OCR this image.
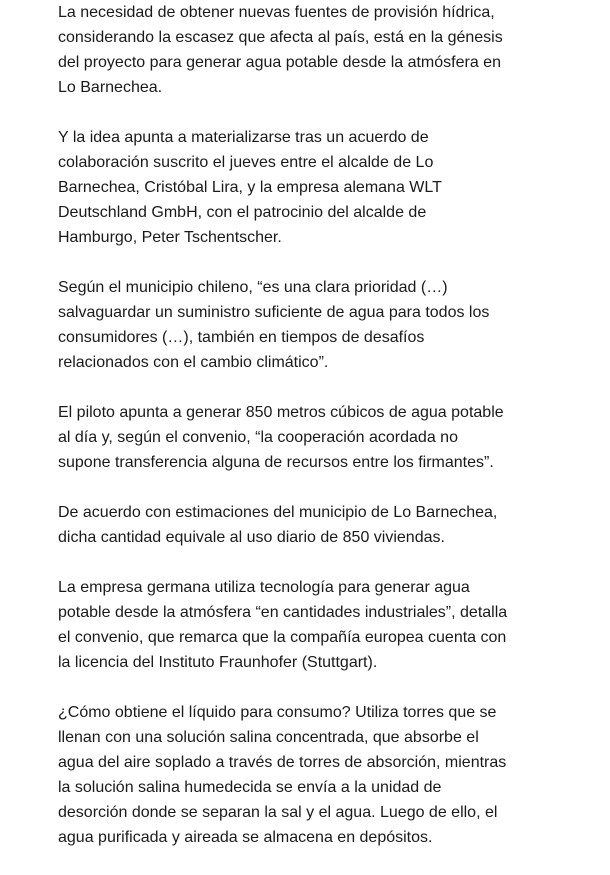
La necesidad de obtener nuevas fuentes de provisión hídrica,
considerando la escasez que afecta al país, está en la génesis
del proyecto para generar agua potable desde la atmósfera en
Lo Barnechea.

Y la idea apunta a materializarse tras un acuerdo de
colaboración suscrito el jueves entre el alcalde de Lo
Barnechea, Cristóbal Lira, y la empresa alemana WLT
Deutschland GmbH, con el patrocinio del alcalde de
Hamburgo, Peter Tschentscher.

Según el municipio chileno, “es una clara prioridad (…)
salvaguardar un suministro suficiente de agua para todos los
consumidores (…), también en tiempos de desafíos
relacionados con el cambio climático”.

El piloto apunta a generar 850 metros cúbicos de agua potable
al día y, según el convenio, “la cooperación acordada no
supone transferencia alguna de recursos entre los firmantes”.

De acuerdo con estimaciones del municipio de Lo Barnechea,
dicha cantidad equivale al uso diario de 850 viviendas.

La empresa germana utiliza tecnología para generar agua
potable desde la atmósfera “en cantidades industriales”, detalla
el convenio, que remarca que la compañía europea cuenta con
la licencia del Instituto Fraunhofer (Stuttgart).

¿Cómo obtiene el líquido para consumo? Utiliza torres que se
llenan con una solución salina concentrada, que absorbe el
agua del aire soplado a través de torres de absorción, mientras
la solución salina humedecida se envía a la unidad de
desorción donde se separan la sal y el agua. Luego de ello, el
agua purificada y aireada se almacena en depósitos.
